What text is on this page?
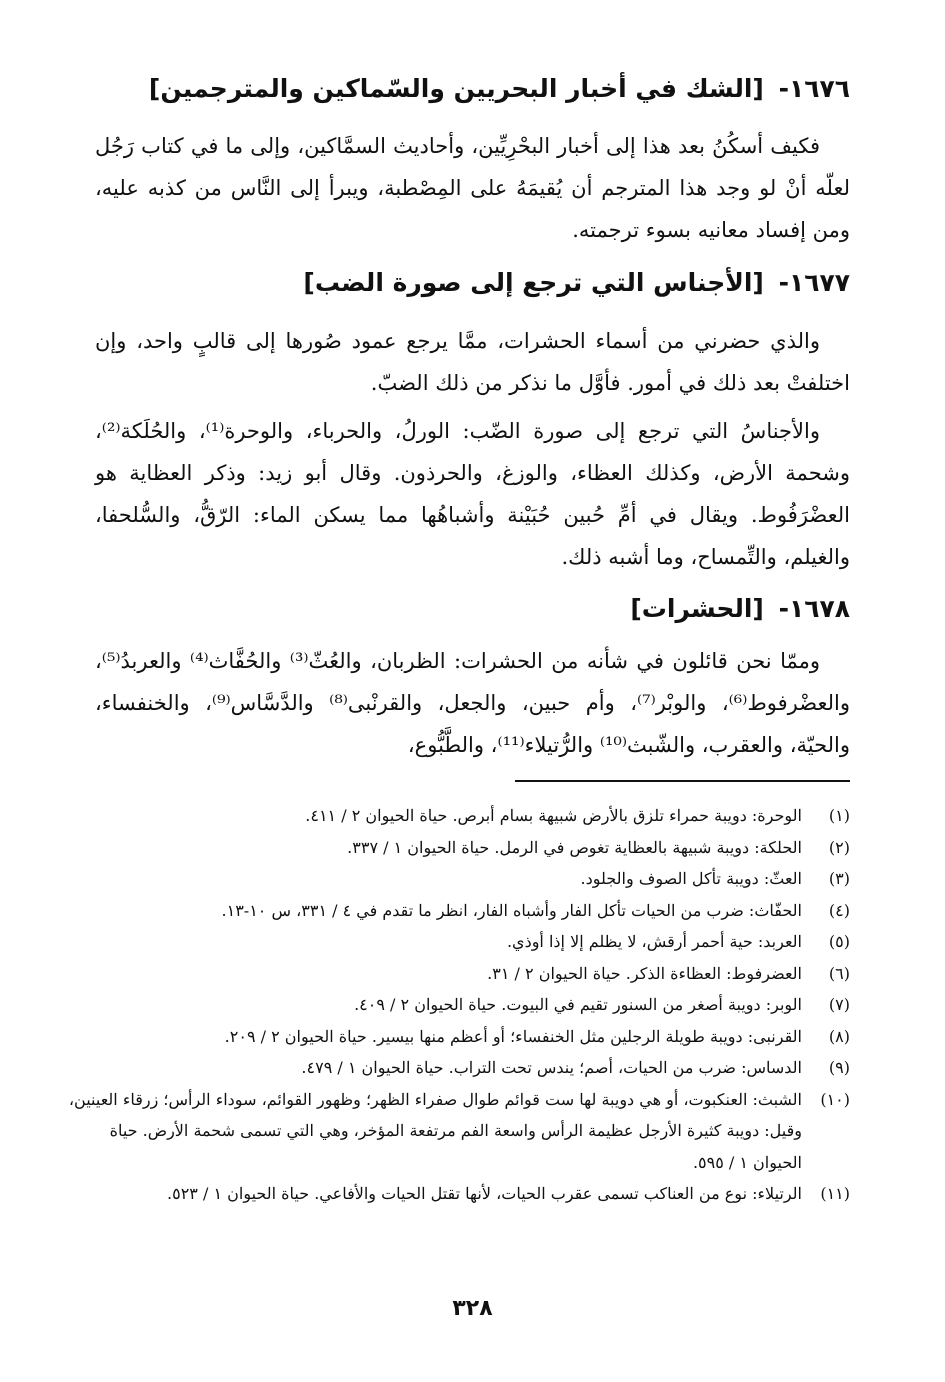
١٦٧٦- [الشك في أخبار البحريين والسّماكين والمترجمين]
فكيف أسكُنُ بعد هذا إلى أخبار البحْرِيِّين، وأحاديث السمَّاكين، وإلى ما في كتاب رَجُل لعلّه أنْ لو وجد هذا المترجم أن يُقيمَهُ على المِصْطبة، ويبرأ إلى النَّاس من كذبه عليه، ومن إفساد معانيه بسوء ترجمته.
١٦٧٧- [الأجناس التي ترجع إلى صورة الضب]
والذي حضرني من أسماء الحشرات، ممَّا يرجع عمود صُورها إلى قالبٍ واحد، وإن اختلفتْ بعد ذلك في أمور. فأوَّل ما نذكر من ذلك الضبّ.
والأجناسُ التي ترجع إلى صورة الضّب: الورلُ، والحرباء، والوحرة⁽¹⁾، والحُلَكة⁽²⁾، وشحمة الأرض، وكذلك العظاء، والوزغ، والحرذون. وقال أبو زيد: وذكر العظاية هو العضْرَفُوط. ويقال في أمِّ حُبين حُبَيْنة وأشباهُها مما يسكن الماء: الرّقُّ، والسُّلحفا، والغيلم، والتِّمساح، وما أشبه ذلك.
١٦٧٨- [الحشرات]
وممّا نحن قائلون في شأنه من الحشرات: الظربان، والعُثّ⁽³⁾ والحُفَّاث⁽⁴⁾ والعربدُ⁽⁵⁾، والعضْرفوط⁽⁶⁾، والوبْر⁽⁷⁾، وأم حبين، والجعل، والقرنْبى⁽⁸⁾ والدَّسَّاس⁽⁹⁾، والخنفساء، والحيّة، والعقرب، والشّبث⁽¹⁰⁾ والرُّتيلاء⁽¹¹⁾، والطَّبُّوع،
(١)
الوحرة: دويبة حمراء تلزق بالأرض شبيهة بسام أبرص. حياة الحيوان ٢ / ٤١١.
(٢)
الحلكة: دويبة شبيهة بالعظاية تغوص في الرمل. حياة الحيوان ١ / ٣٣٧.
(٣)
العثّ: دويبة تأكل الصوف والجلود.
(٤)
الحفّاث: ضرب من الحيات تأكل الفار وأشباه الفار، انظر ما تقدم في ٤ / ٣٣١، س ١٠-١٣.
(٥)
العربد: حية أحمر أرقش، لا يظلم إلا إذا أوذي.
(٦)
العضرفوط: العظاءة الذكر. حياة الحيوان ٢ / ٣١.
(٧)
الوبر: دويبة أصغر من السنور تقيم في البيوت. حياة الحيوان ٢ / ٤٠٩.
(٨)
القرنبى: دويبة طويلة الرجلين مثل الخنفساء؛ أو أعظم منها بيسير. حياة الحيوان ٢ / ٢٠٩.
(٩)
الدساس: ضرب من الحيات، أصم؛ يندس تحت التراب. حياة الحيوان ١ / ٤٧٩.
(١٠)
الشبث: العنكبوت، أو هي دويبة لها ست قوائم طوال صفراء الظهر؛ وظهور القوائم، سوداء الرأس؛ زرقاء العينين، وقيل: دويبة كثيرة الأرجل عظيمة الرأس واسعة الفم مرتفعة المؤخر، وهي التي تسمى شحمة الأرض. حياة الحيوان ١ / ٥٩٥.
(١١)
الرتيلاء: نوع من العناكب تسمى عقرب الحيات، لأنها تقتل الحيات والأفاعي. حياة الحيوان ١ / ٥٢٣.
٣٢٨
